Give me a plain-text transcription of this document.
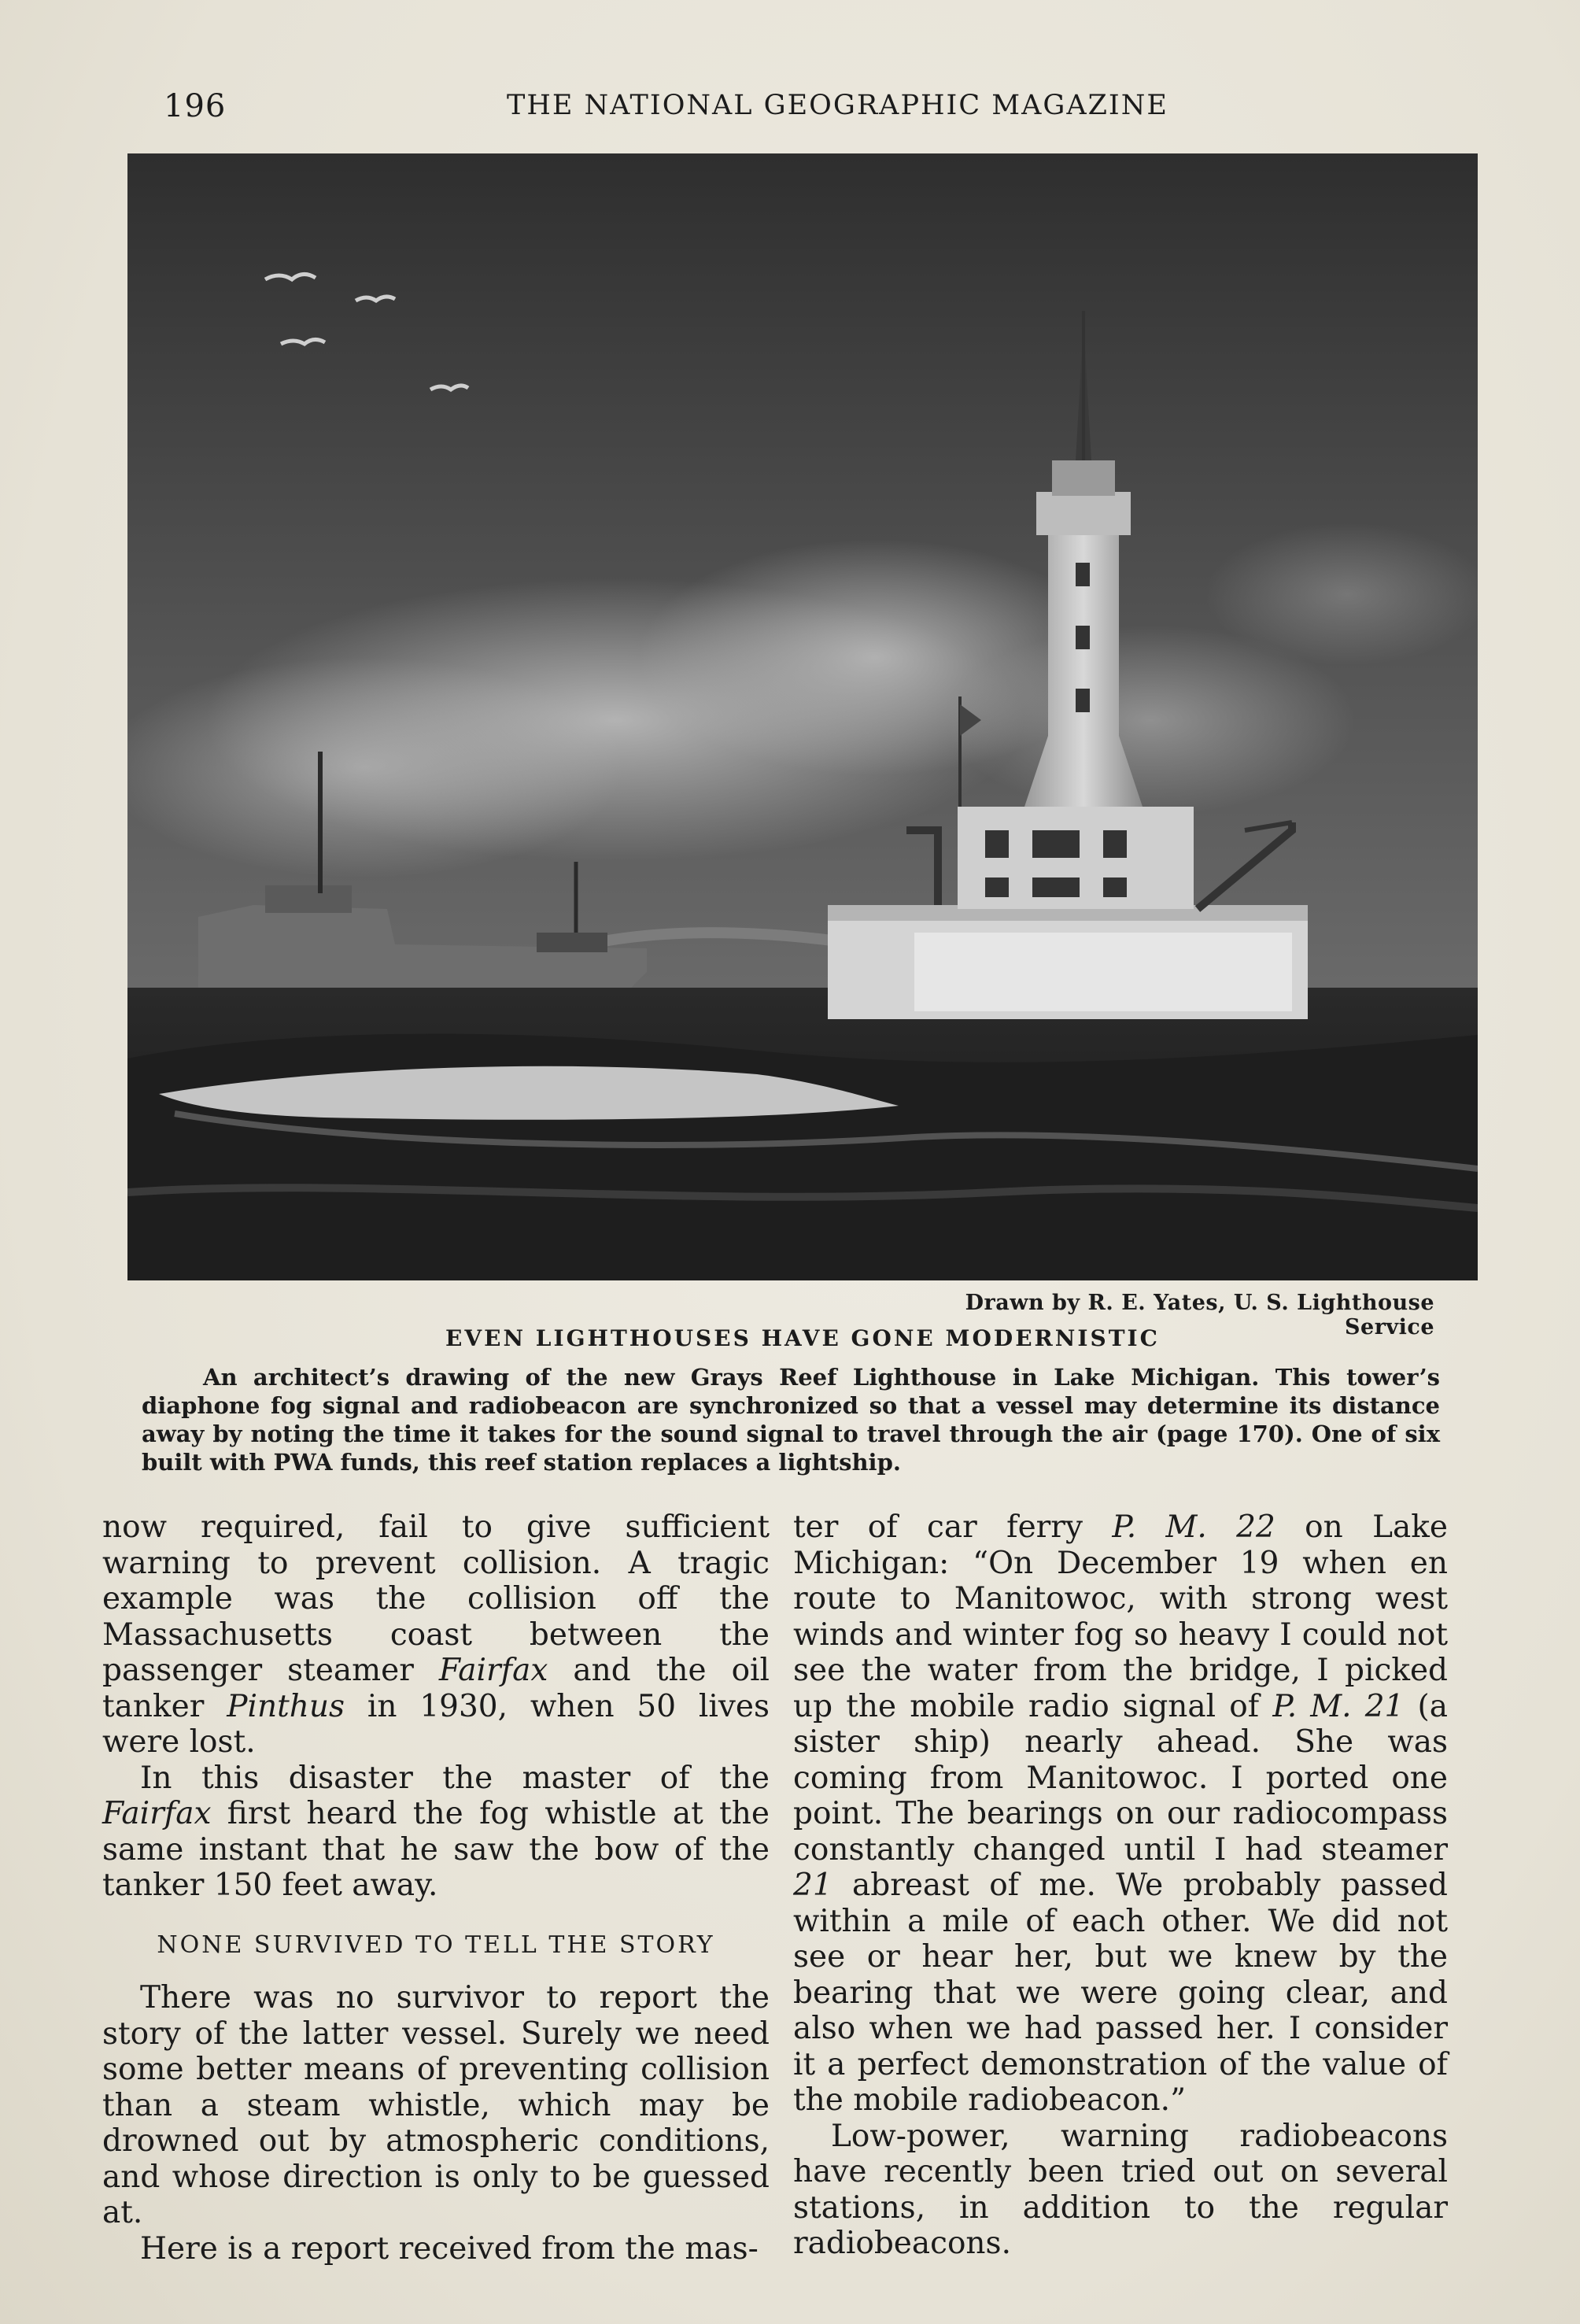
196	THE NATIONAL GEOGRAPHIC MAGAZINE
Drawn by R. E. Yates, U. S. Lighthouse Service
EVEN LIGHTHOUSES HAVE GONE MODERNISTIC
An architect’s drawing of the new Grays Reef Lighthouse in Lake Michigan. This tower’s diaphone fog signal and radiobeacon are synchronized so that a vessel may determine its distance away by noting the time it takes for the sound signal to travel through the air (page 170). One of six built with PWA funds, this reef station replaces a lightship.

now required, fail to give sufficient warning to prevent collision. A tragic example was the collision off the Massachusetts coast between the passenger steamer Fairfax and the oil tanker Pinthus in 1930, when 50 lives were lost.

In this disaster the master of the Fairfax first heard the fog whistle at the same instant that he saw the bow of the tanker 150 feet away.

NONE SURVIVED TO TELL THE STORY

There was no survivor to report the story of the latter vessel. Surely we need some better means of preventing collision than a steam whistle, which may be drowned out by atmospheric conditions, and whose direction is only to be guessed at.

Here is a report received from the mas-

ter of car ferry P. M. 22 on Lake Michigan: “On December 19 when en route to Manitowoc, with strong west winds and winter fog so heavy I could not see the water from the bridge, I picked up the mobile radio signal of P. M. 21 (a sister ship) nearly ahead. She was coming from Manitowoc. I ported one point. The bearings on our radiocompass constantly changed until I had steamer 21 abreast of me. We probably passed within a mile of each other. We did not see or hear her, but we knew by the bearing that we were going clear, and also when we had passed her. I consider it a perfect demonstration of the value of the mobile radiobeacon.”

Low-power, warning radiobeacons have recently been tried out on several stations, in addition to the regular radiobeacons.
